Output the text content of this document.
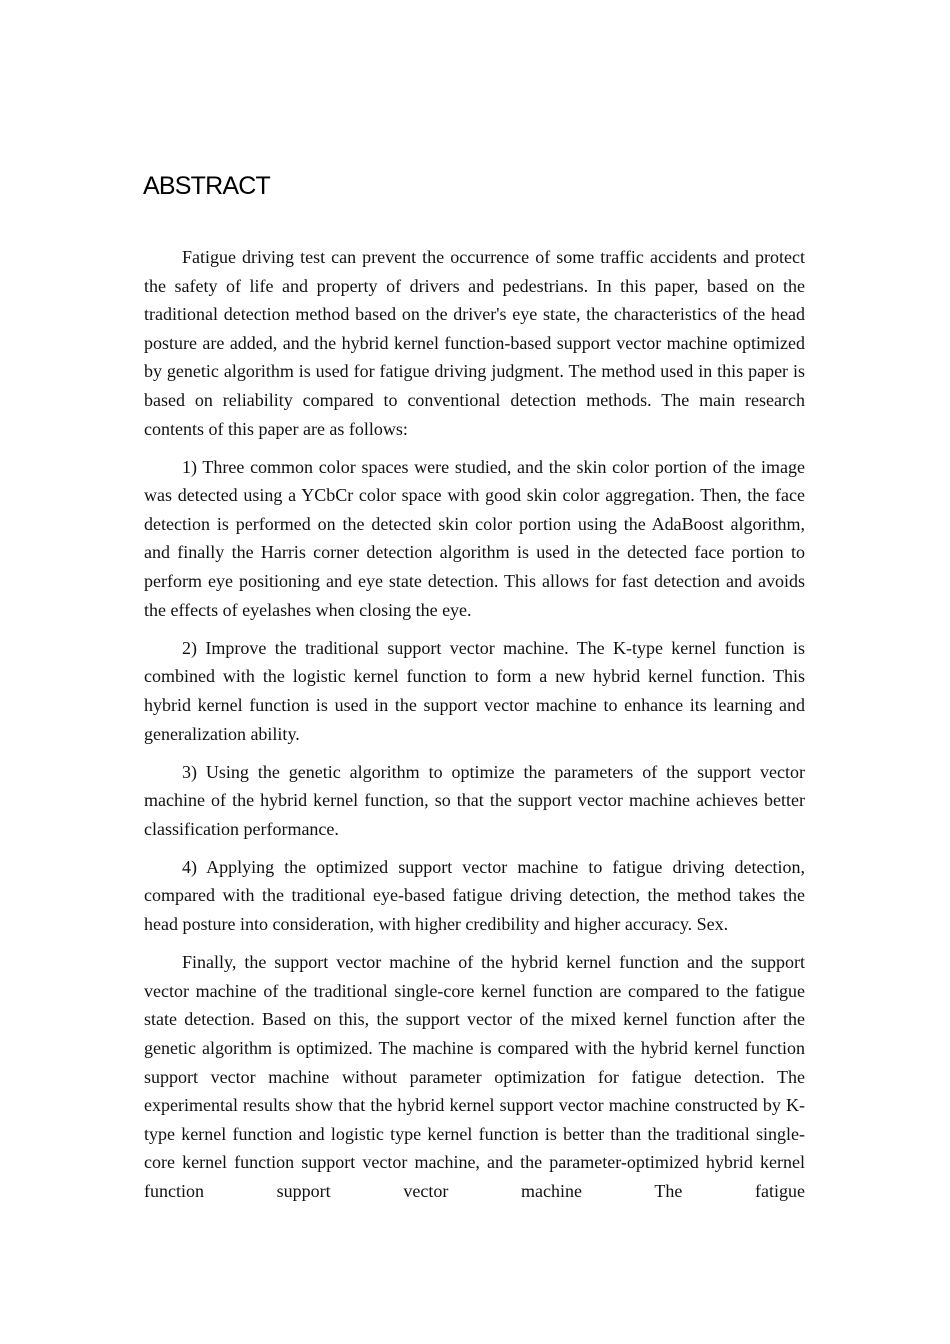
ABSTRACT

Fatigue driving test can prevent the occurrence of some traffic accidents and protect the safety of life and property of drivers and pedestrians. In this paper, based on the traditional detection method based on the driver's eye state, the characteristics of the head posture are added, and the hybrid kernel function-based support vector machine optimized by genetic algorithm is used for fatigue driving judgment. The method used in this paper is based on reliability compared to conventional detection methods. The main research contents of this paper are as follows:

1) Three common color spaces were studied, and the skin color portion of the image was detected using a YCbCr color space with good skin color aggregation. Then, the face detection is performed on the detected skin color portion using the AdaBoost algorithm, and finally the Harris corner detection algorithm is used in the detected face portion to perform eye positioning and eye state detection. This allows for fast detection and avoids the effects of eyelashes when closing the eye.

2) Improve the traditional support vector machine. The K-type kernel function is combined with the logistic kernel function to form a new hybrid kernel function. This hybrid kernel function is used in the support vector machine to enhance its learning and generalization ability.

3) Using the genetic algorithm to optimize the parameters of the support vector machine of the hybrid kernel function, so that the support vector machine achieves better classification performance.

4) Applying the optimized support vector machine to fatigue driving detection, compared with the traditional eye-based fatigue driving detection, the method takes the head posture into consideration, with higher credibility and higher accuracy. Sex.

Finally, the support vector machine of the hybrid kernel function and the support vector machine of the traditional single-core kernel function are compared to the fatigue state detection. Based on this, the support vector of the mixed kernel function after the genetic algorithm is optimized. The machine is compared with the hybrid kernel function support vector machine without parameter optimization for fatigue detection. The experimental results show that the hybrid kernel support vector machine constructed by K-type kernel function and logistic type kernel function is better than the traditional single-core kernel function support vector machine, and the parameter-optimized hybrid kernel function support vector machine The fatigue
